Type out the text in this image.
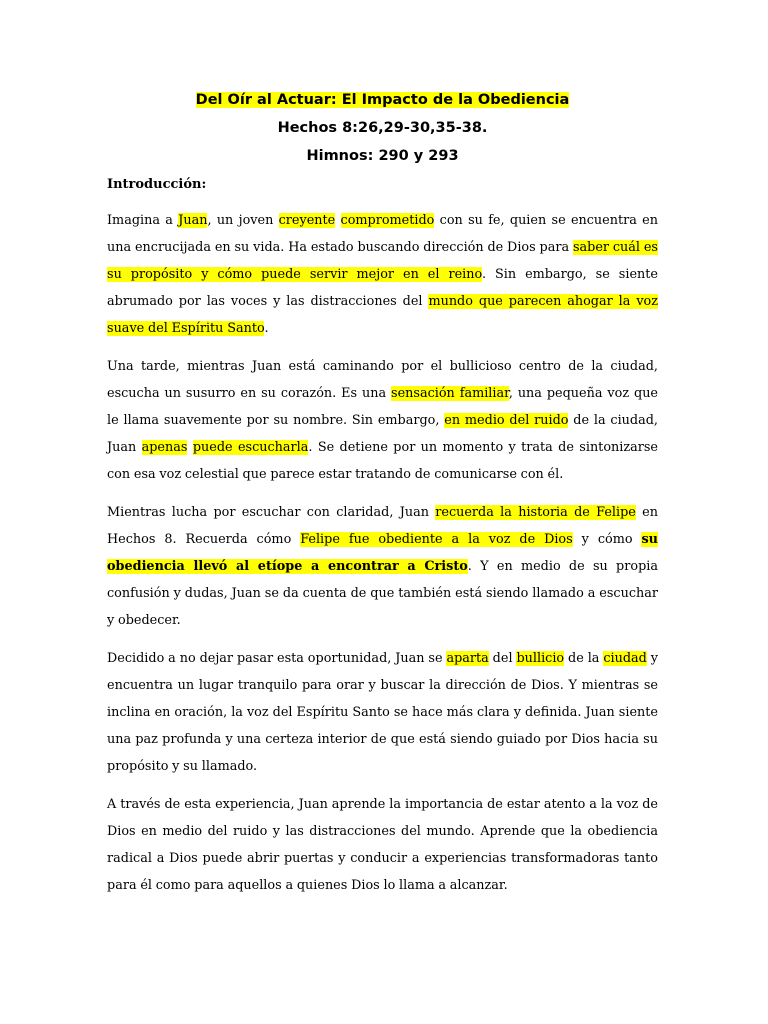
Del Oír al Actuar: El Impacto de la Obediencia

Hechos 8:26,29-30,35-38.

Himnos: 290 y 293

Introducción:

Imagina a Juan, un joven creyente comprometido con su fe, quien se encuentra en una encrucijada en su vida. Ha estado buscando dirección de Dios para saber cuál es su propósito y cómo puede servir mejor en el reino. Sin embargo, se siente abrumado por las voces y las distracciones del mundo que parecen ahogar la voz suave del Espíritu Santo.

Una tarde, mientras Juan está caminando por el bullicioso centro de la ciudad, escucha un susurro en su corazón. Es una sensación familiar, una pequeña voz que le llama suavemente por su nombre. Sin embargo, en medio del ruido de la ciudad, Juan apenas puede escucharla. Se detiene por un momento y trata de sintonizarse con esa voz celestial que parece estar tratando de comunicarse con él.

Mientras lucha por escuchar con claridad, Juan recuerda la historia de Felipe en Hechos 8. Recuerda cómo Felipe fue obediente a la voz de Dios y cómo su obediencia llevó al etíope a encontrar a Cristo. Y en medio de su propia confusión y dudas, Juan se da cuenta de que también está siendo llamado a escuchar y obedecer.

Decidido a no dejar pasar esta oportunidad, Juan se aparta del bullicio de la ciudad y encuentra un lugar tranquilo para orar y buscar la dirección de Dios. Y mientras se inclina en oración, la voz del Espíritu Santo se hace más clara y definida. Juan siente una paz profunda y una certeza interior de que está siendo guiado por Dios hacia su propósito y su llamado.

A través de esta experiencia, Juan aprende la importancia de estar atento a la voz de Dios en medio del ruido y las distracciones del mundo. Aprende que la obediencia radical a Dios puede abrir puertas y conducir a experiencias transformadoras tanto para él como para aquellos a quienes Dios lo llama a alcanzar.
